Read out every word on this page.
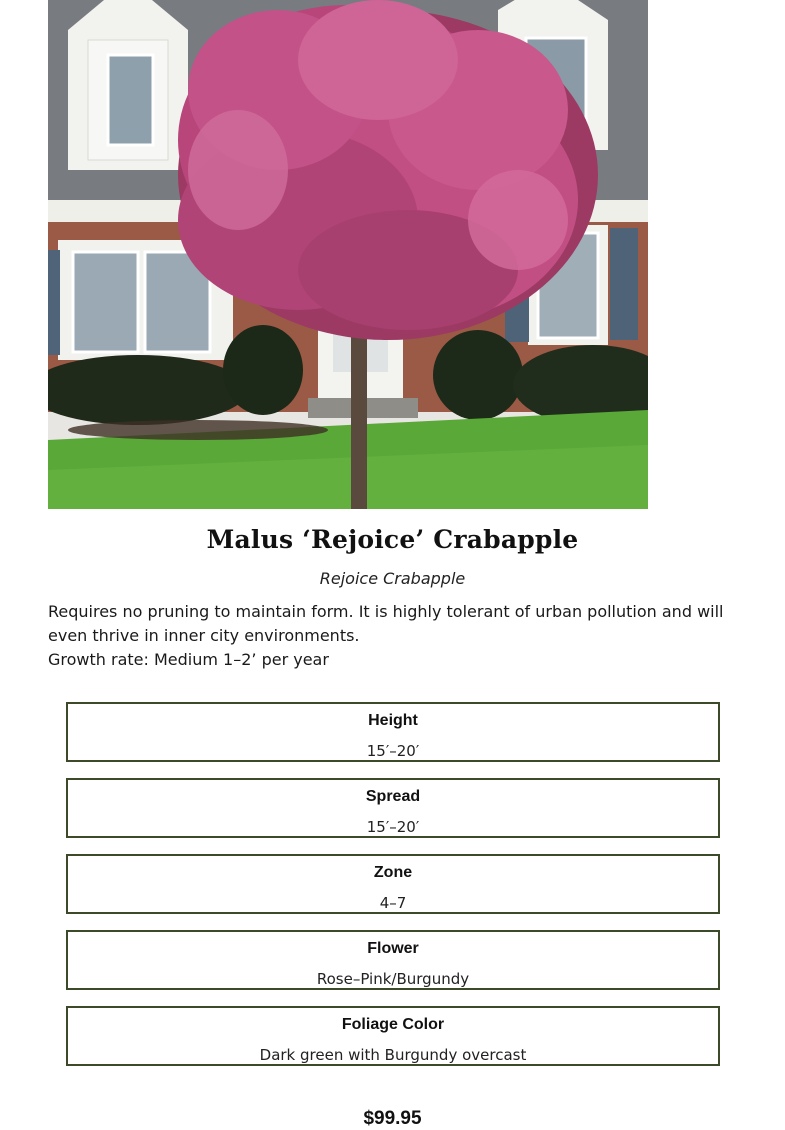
Malus ‘Rejoice’ Crabapple
Rejoice Crabapple

Requires no pruning to maintain form. It is highly tolerant of urban pollution and will even thrive in inner city environments.

Growth rate: Medium 1–2’ per year

Height
15′–20′
Spread
15′–20′
Zone
4–7
Flower
Rose–Pink/Burgundy
Foliage Color
Dark green with Burgundy overcast
$99.95
